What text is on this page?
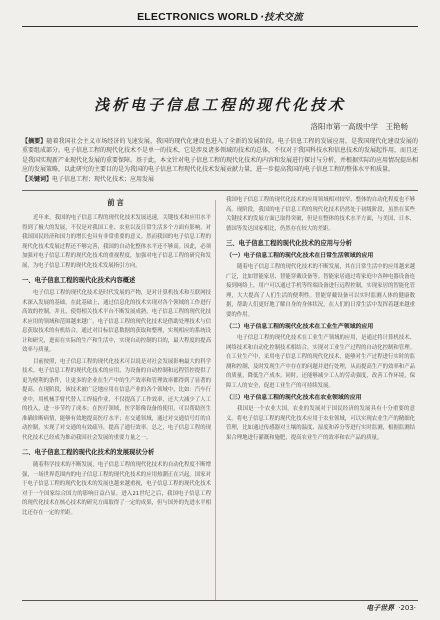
ELECTRONICS WORLD ·技术交流
浅析电子信息工程的现代化技术
洛阳市第一高级中学　王艳畅
【摘要】随着我国社会主义市场经济的飞速发展，我国的现代化建设也进入了全新的发展阶段。电子信息工程的发展应用，是我国现代化建设发展的重要组成部分。电子信息工程的现代化技术不是单一的技术，它是涉及诸多领域的技术的总体，不仅对于我国科技水和信息技术的发展起作用，而且还是我国实现新产业现代化发展的重要保障。基于此，本文针对电子信息工程的现代化技术的内容和发展进行探讨与分析，并根据实际的应用情况提出相应的发展策略，以此研究的主要目的是为我国的电子信息工程现代化技术发展贡献力量，进一步提高我国的电子信息工程的整体水平和质量。
【关键词】电子信息工程；现代化技术；应用发展
前言
近年来，我国的电子信息工程的现代化技术发展迅速，关键技术和应用水平得到了极大的发展，不仅是对我国工业、农业以及日常生活多个方面有影响，对我国国民经济和国力的增长也具有非常重要的意义。然而我国的电子信息工程的现代化技术发展过程还不够完善，我国的自动化整体水平还不够高。因此，必须加强对电子信息工程的现代化技术的重视程度，加强对电子信息工程的研究和发展，为电子信息工程的现代化技术发展指引方向。
一、电子信息工程的现代化技术内容概述
电子信息工程的现代化技术是时代发展的产物，是对计算机技术和互联网技术深入发展的基础。在此基础上，通过信息化的技术实现对各个领域的工作进行高效的控制，并且，使得相关技术平台不断发展成熟，电子信息工程的现代化技术应用的领域和范围越来越广。电子信息工程的现代化技术是借助处理技术与信息获取技术的有机结合，通过对目标信息数据的获取和整理，实现相应的系统设计和研究，进而在实际的生产和生活中，实现自动控制的目的，最大程度的提高效率与质量。
目前按照，电子信息工程的现代化技术可以说是对社会发展影响最大的科学技术。电子信息工程的现代化技术的应用，为设备的自动控制和远程管控提供了更为便利的条件，让更多的企业在生产中的生产效率和管理效率都得到了显著的提高。在现阶段，该技术被广泛地应用在信息产业的各个领域中，比如：汽车行业中，用机械手臂代替人工焊接作业，不仅提高了工作效率，还大大减少了人工的投入，进一步节约了成本；在医疗领域，医学影像设备的使用，可以帮助医生准确诊断病情，能够有效地提高医疗水平；在交通领域，通过对交通信号灯的自动控制，实现了对交通的有效疏导，提高了通行效率。总之，电子信息工程的现代化技术已经成为推动我国社会发展的重要力量之一。
二、电子信息工程的现代化技术的发展现状分析
随着科学技术的不断发展，电子信息工程的现代化技术的自动化程度不断增强，一场世界范围内的电子信息工程的现代化技术的应用热潮正在兴起。国家对于电子信息工程的现代化技术的发展也越来越重视，电子信息工程的现代化技术对于一个国家综合国力的影响日益凸显。进入21世纪之后，我国电子信息工程的现代化技术在核心技术的研究方面取得了一定的成果，但与国外的先进水平相比还存在一定的差距。
我国电子信息工程的现代化技术的应用领域相对较窄，整体的自动化程度也不够高。现阶段，我国的电子信息工程的现代化技术仍然处于初级阶段，虽然在某些关键技术的发展方面已取得突破，但是在整体的技术水平方面，与美国、日本、德国等发达国家相比，仍然存在较大的差距。
三、电子信息工程的现代化技术的应用与分析
（一）电子信息工程的现代化技术在日常生活领域的应用
随着电子信息工程的现代化技术的不断发展，其在日常生活中的应用越来越广泛，比如智能家居、智能穿戴设备等。智能家居通过将家庭中各种电器设备连接到网络上，用户可以通过手机等终端设备进行远程控制，实现家居的智能化管理，大大提高了人们生活的便利性。智能穿戴设备可以实时监测人体的健康数据，帮助人们更好地了解自身的身体状况，在人们的日常生活中发挥着越来越重要的作用。
（二）电子信息工程的现代化技术在工业生产领域的应用
电子信息工程的现代化技术在工业生产领域的应用，是通过将计算机技术、网络技术和自动化控制技术相结合，实现对工业生产过程的自动化控制和管理。在工业生产中，采用电子信息工程的现代化技术，能够对生产过程进行实时的监测和控制，及时发现生产中存在的问题并进行处理，从而提高生产的效率和产品的质量，降低生产成本。同时，还能够减少工人的劳动强度，改善工作环境，保障工人的安全，促进工业生产的可持续发展。
（三）电子信息工程的现代化技术在农业领域的应用
我国是一个农业大国，农业的发展对于国民经济的发展具有十分重要的意义。将电子信息工程的现代化技术应用于农业领域，可以实现农业生产的精细化管理，比如通过传感器对土壤的温度、湿度和养分等进行实时监测，根据监测结果合理地进行灌溉和施肥，提高农业生产的效率和农产品的质量。
电子世界 ·203·
